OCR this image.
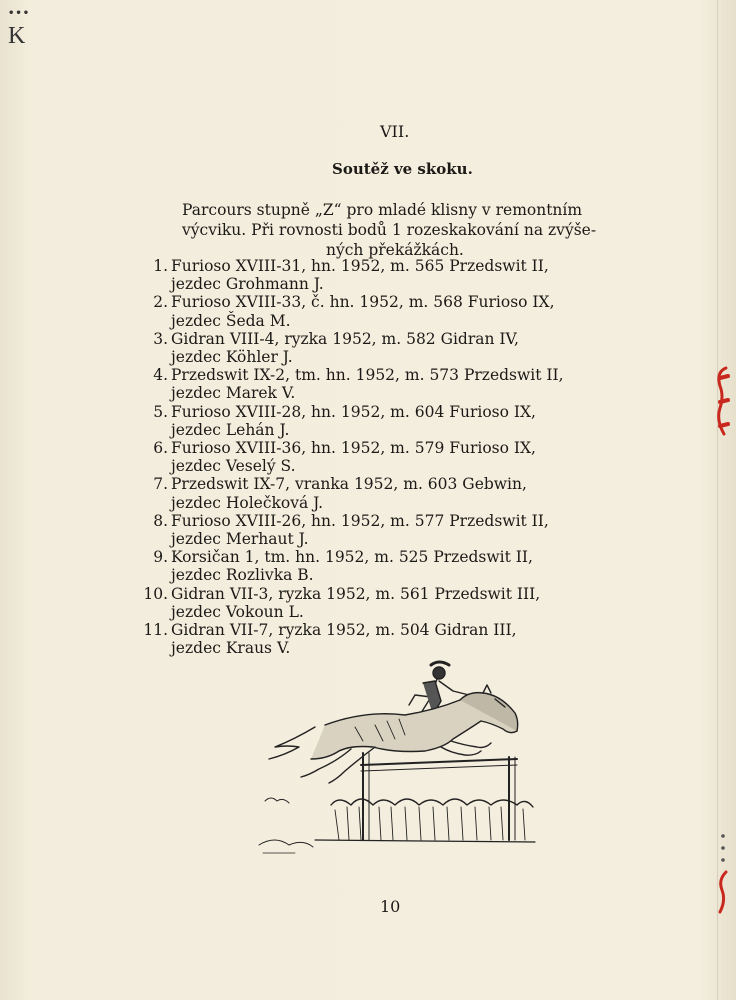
•••
K
VII.
Soutěž ve skoku.
Parcours stupně „Z“ pro mladé klisny v remontním
výcviku. Při rovnosti bodů 1 rozeskakování na zvýše-
ných překážkách.
1. Furioso XVIII-31, hn. 1952, m. 565 Przedswit II,
jezdec Grohmann J.
2. Furioso XVIII-33, č. hn. 1952, m. 568 Furioso IX,
jezdec Šeda M.
3. Gidran VIII-4, ryzka 1952, m. 582 Gidran IV,
jezdec Köhler J.
4. Przedswit IX-2, tm. hn. 1952, m. 573 Przedswit II,
jezdec Marek V.
5. Furioso XVIII-28, hn. 1952, m. 604 Furioso IX,
jezdec Lehán J.
6. Furioso XVIII-36, hn. 1952, m. 579 Furioso IX,
jezdec Veselý S.
7. Przedswit IX-7, vranka 1952, m. 603 Gebwin,
jezdec Holečková J.
8. Furioso XVIII-26, hn. 1952, m. 577 Przedswit II,
jezdec Merhaut J.
9. Korsičan 1, tm. hn. 1952, m. 525 Przedswit II,
jezdec Rozlivka B.
10. Gidran VII-3, ryzka 1952, m. 561 Przedswit III,
jezdec Vokoun L.
11. Gidran VII-7, ryzka 1952, m. 504 Gidran III,
jezdec Kraus V.
10
